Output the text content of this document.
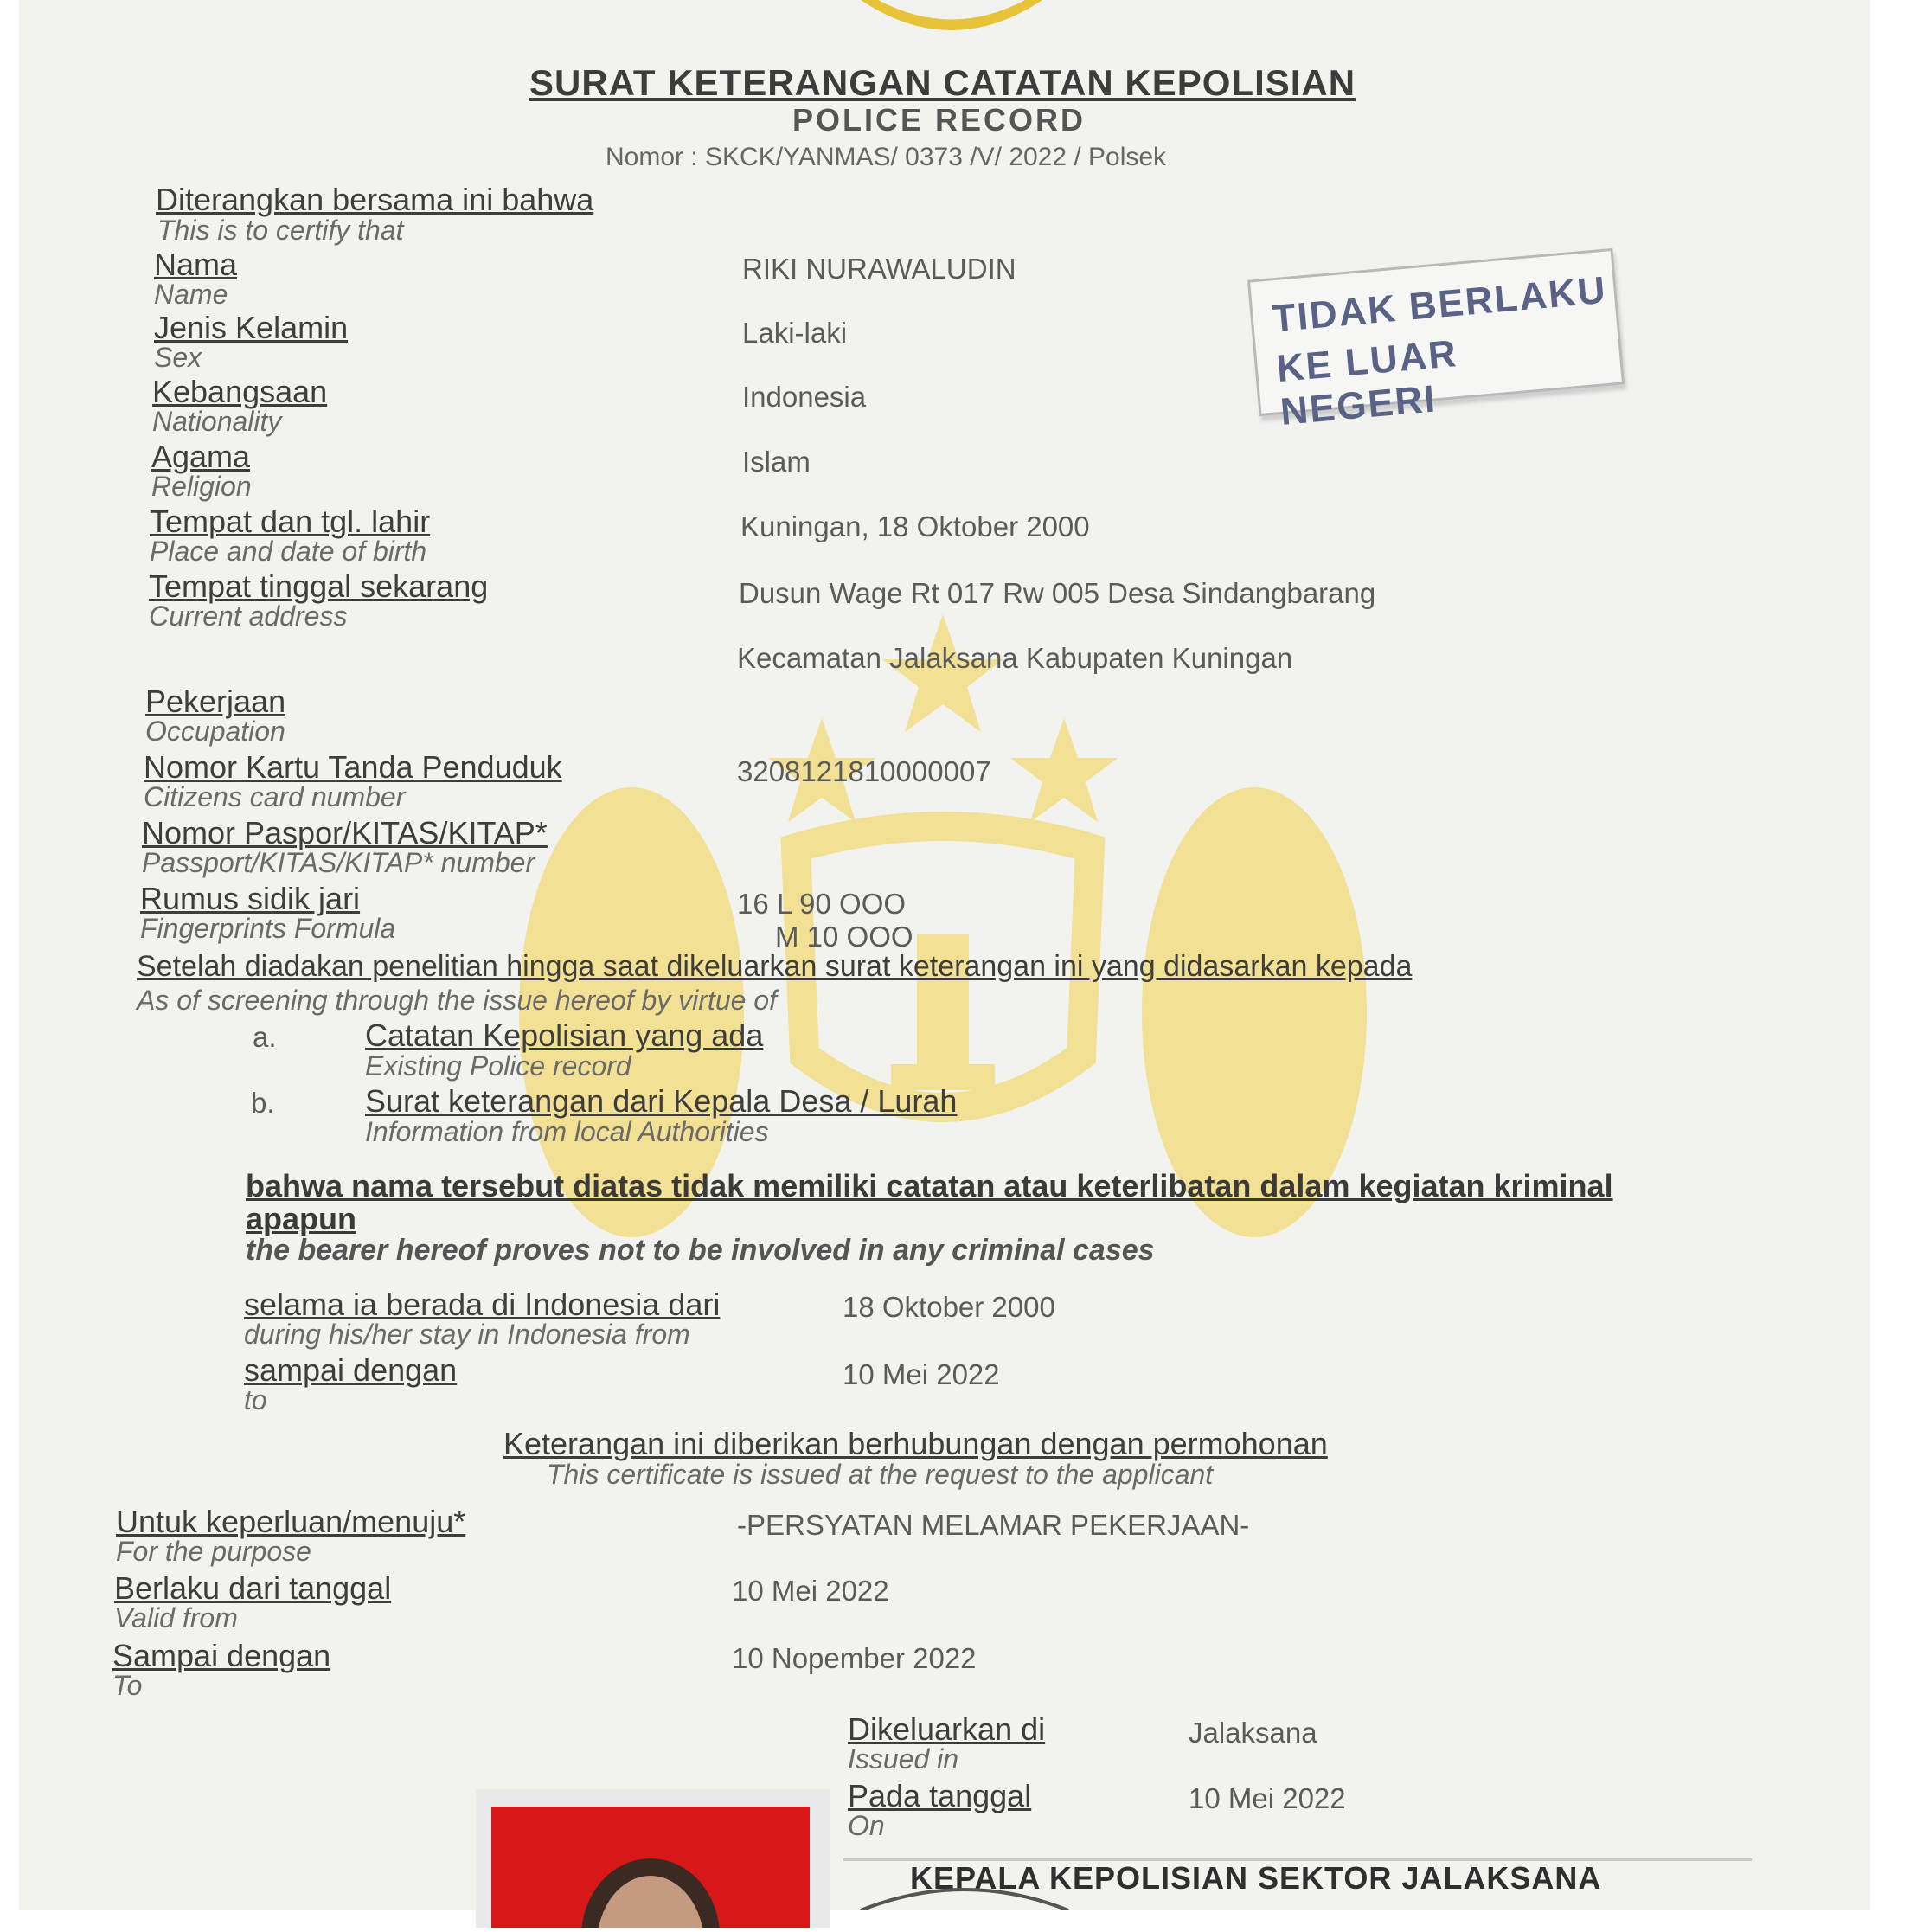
SURAT KETERANGAN CATATAN KEPOLISIAN
POLICE RECORD
Nomor : SKCK/YANMAS/ 0373 /V/ 2022 / Polsek
Diterangkan bersama ini bahwa
This is to certify that
Nama
Name
RIKI NURAWALUDIN
Jenis Kelamin
Sex
Laki-laki
Kebangsaan
Nationality
Indonesia
Agama
Religion
Islam
Tempat dan tgl. lahir
Place and date of birth
Kuningan, 18 Oktober 2000
Tempat tinggal sekarang
Current address
Dusun Wage Rt 017 Rw 005 Desa Sindangbarang
Kecamatan Jalaksana Kabupaten Kuningan
Pekerjaan
Occupation
Nomor Kartu Tanda Penduduk
Citizens card number
3208121810000007
Nomor Paspor/KITAS/KITAP*
Passport/KITAS/KITAP* number
Rumus sidik jari
Fingerprints Formula
16 L 90 OOO
M 10 OOO
Setelah diadakan penelitian hingga saat dikeluarkan surat keterangan ini yang didasarkan kepada
As of screening through the issue hereof by virtue of
a.	Catatan Kepolisian yang ada
Existing Police record
b.	Surat keterangan dari Kepala Desa / Lurah
Information from local Authorities
bahwa nama tersebut diatas tidak memiliki catatan atau keterlibatan dalam kegiatan kriminal
apapun
the bearer hereof proves not to be involved in any criminal cases
selama ia berada di Indonesia dari
during his/her stay in Indonesia from
18 Oktober 2000
sampai dengan
to
10 Mei 2022
Keterangan ini diberikan berhubungan dengan permohonan
This certificate is issued at the request to the applicant
Untuk keperluan/menuju*
For the purpose
-PERSYATAN MELAMAR PEKERJAAN-
Berlaku dari tanggal
Valid from
10 Mei 2022
Sampai dengan
To
10 Nopember 2022
Dikeluarkan di
Issued in
Jalaksana
Pada tanggal
On
10 Mei 2022
TIDAK BERLAKU
KE LUAR NEGERI
KEPALA KEPOLISIAN SEKTOR JALAKSANA
